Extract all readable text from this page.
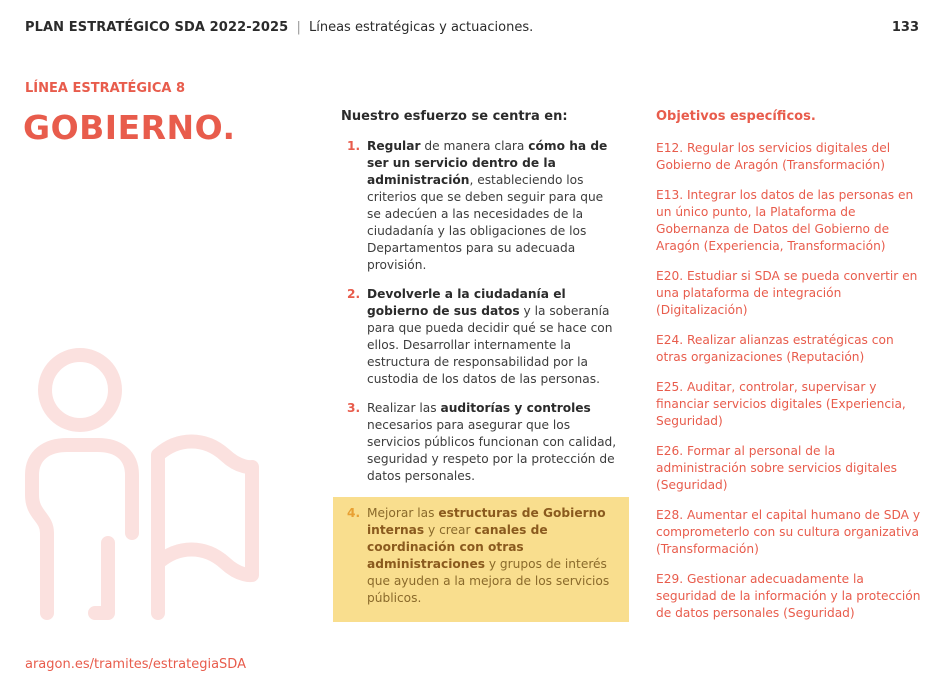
PLAN ESTRATÉGICO SDA 2022-2025 | Líneas estratégicas y actuaciones.	133
LÍNEA ESTRATÉGICA 8
GOBIERNO.	Nuestro esfuerzo se centra en:
1. Regular de manera clara cómo ha de ser un servicio dentro de la administración, estableciendo los criterios que se deben seguir para que se adecúen a las necesidades de la ciudadanía y las obligaciones de los Departamentos para su adecuada provisión.
2. Devolverle a la ciudadanía el gobierno de sus datos y la soberanía para que pueda decidir qué se hace con ellos. Desarrollar internamente la estructura de responsabilidad por la custodia de los datos de las personas.
3. Realizar las auditorías y controles necesarios para asegurar que los servicios públicos funcionan con calidad, seguridad y respeto por la protección de datos personales.
4. Mejorar las estructuras de Gobierno internas y crear canales de coordinación con otras administraciones y grupos de interés que ayuden a la mejora de los servicios públicos.
Objetivos específicos.
E12. Regular los servicios digitales del Gobierno de Aragón (Transformación)
E13. Integrar los datos de las personas en un único punto, la Plataforma de Gobernanza de Datos del Gobierno de Aragón (Experiencia, Transformación)
E20. Estudiar si SDA se pueda convertir en una plataforma de integración (Digitalización)
E24. Realizar alianzas estratégicas con otras organizaciones (Reputación)
E25. Auditar, controlar, supervisar y financiar servicios digitales (Experiencia, Seguridad)
E26. Formar al personal de la administración sobre servicios digitales (Seguridad)
E28. Aumentar el capital humano de SDA y comprometerlo con su cultura organizativa (Transformación)
E29. Gestionar adecuadamente la seguridad de la información y la protección de datos personales (Seguridad)
aragon.es/tramites/estrategiaSDA
